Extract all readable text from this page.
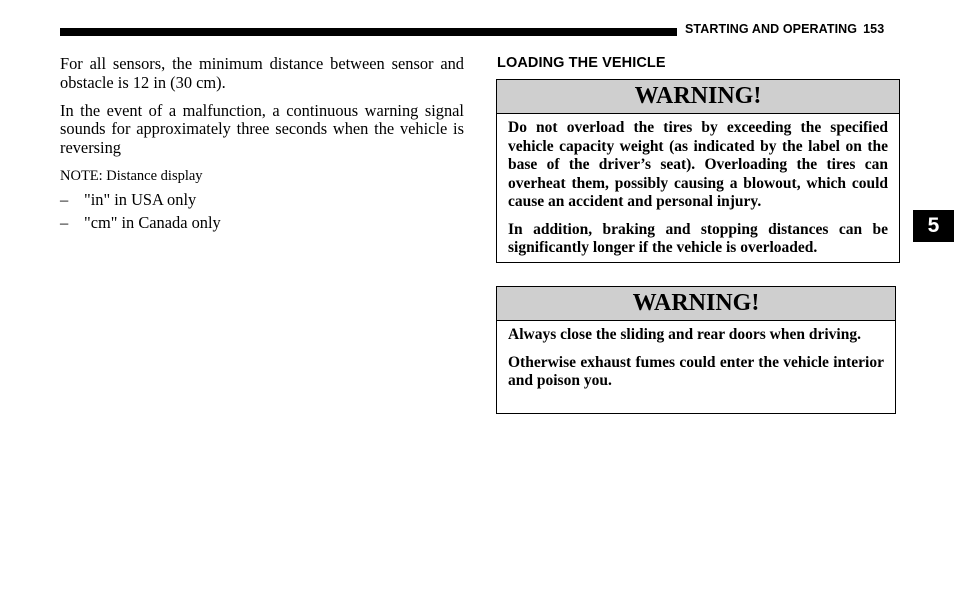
STARTING AND OPERATING 153
5

For all sensors, the minimum distance between sensor and obstacle is 12 in (30 cm).

In the event of a malfunction, a continuous warning signal sounds for approximately three seconds when the vehicle is reversing

NOTE: Distance display
– "in" in USA only
– "cm" in Canada only
LOADING THE VEHICLE
WARNING!

Do not overload the tires by exceeding the specified vehicle capacity weight (as indicated by the label on the base of the driver’s seat). Overloading the tires can overheat them, possibly causing a blowout, which could cause an accident and personal injury.

In addition, braking and stopping distances can be significantly longer if the vehicle is overloaded.

WARNING!

Always close the sliding and rear doors when driving.

Otherwise exhaust fumes could enter the vehicle interior and poison you.
